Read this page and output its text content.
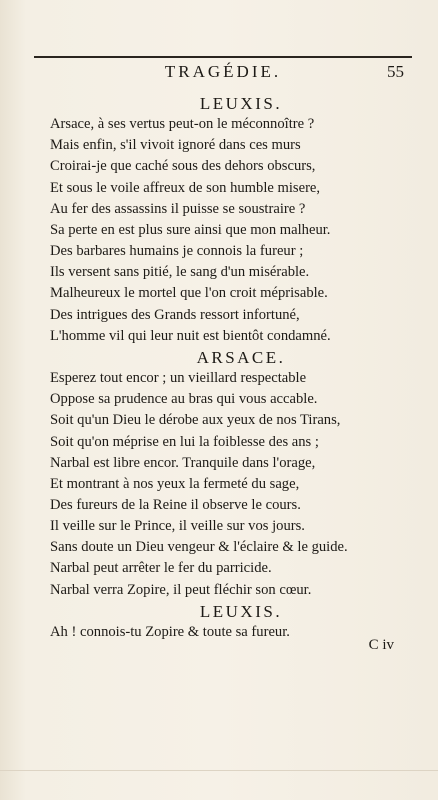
TRAGÉDIE.	55
LEUXIS.
Arsace, à ses vertus peut-on le méconnoître ?
Mais enfin, s'il vivoit ignoré dans ces murs
Croirai-je que caché sous des dehors obscurs,
Et sous le voile affreux de son humble misere,
Au fer des assassins il puisse se soustraire ?
Sa perte en est plus sure ainsi que mon malheur.
Des barbares humains je connois la fureur ;
Ils versent sans pitié, le sang d'un misérable.
Malheureux le mortel que l'on croit méprisable.
Des intrigues des Grands ressort infortuné,
L'homme vil qui leur nuit est bientôt condamné.
ARSACE.
Esperez tout encor ; un vieillard respectable
Oppose sa prudence au bras qui vous accable.
Soit qu'un Dieu le dérobe aux yeux de nos Tirans,
Soit qu'on méprise en lui la foiblesse des ans ;
Narbal est libre encor. Tranquile dans l'orage,
Et montrant à nos yeux la fermeté du sage,
Des fureurs de la Reine il observe le cours.
Il veille sur le Prince, il veille sur vos jours.
Sans doute un Dieu vengeur & l'éclaire & le guide.
Narbal peut arrêter le fer du parricide.
Narbal verra Zopire, il peut fléchir son cœur.
LEUXIS.
Ah ! connois-tu Zopire & toute sa fureur.
C iv
